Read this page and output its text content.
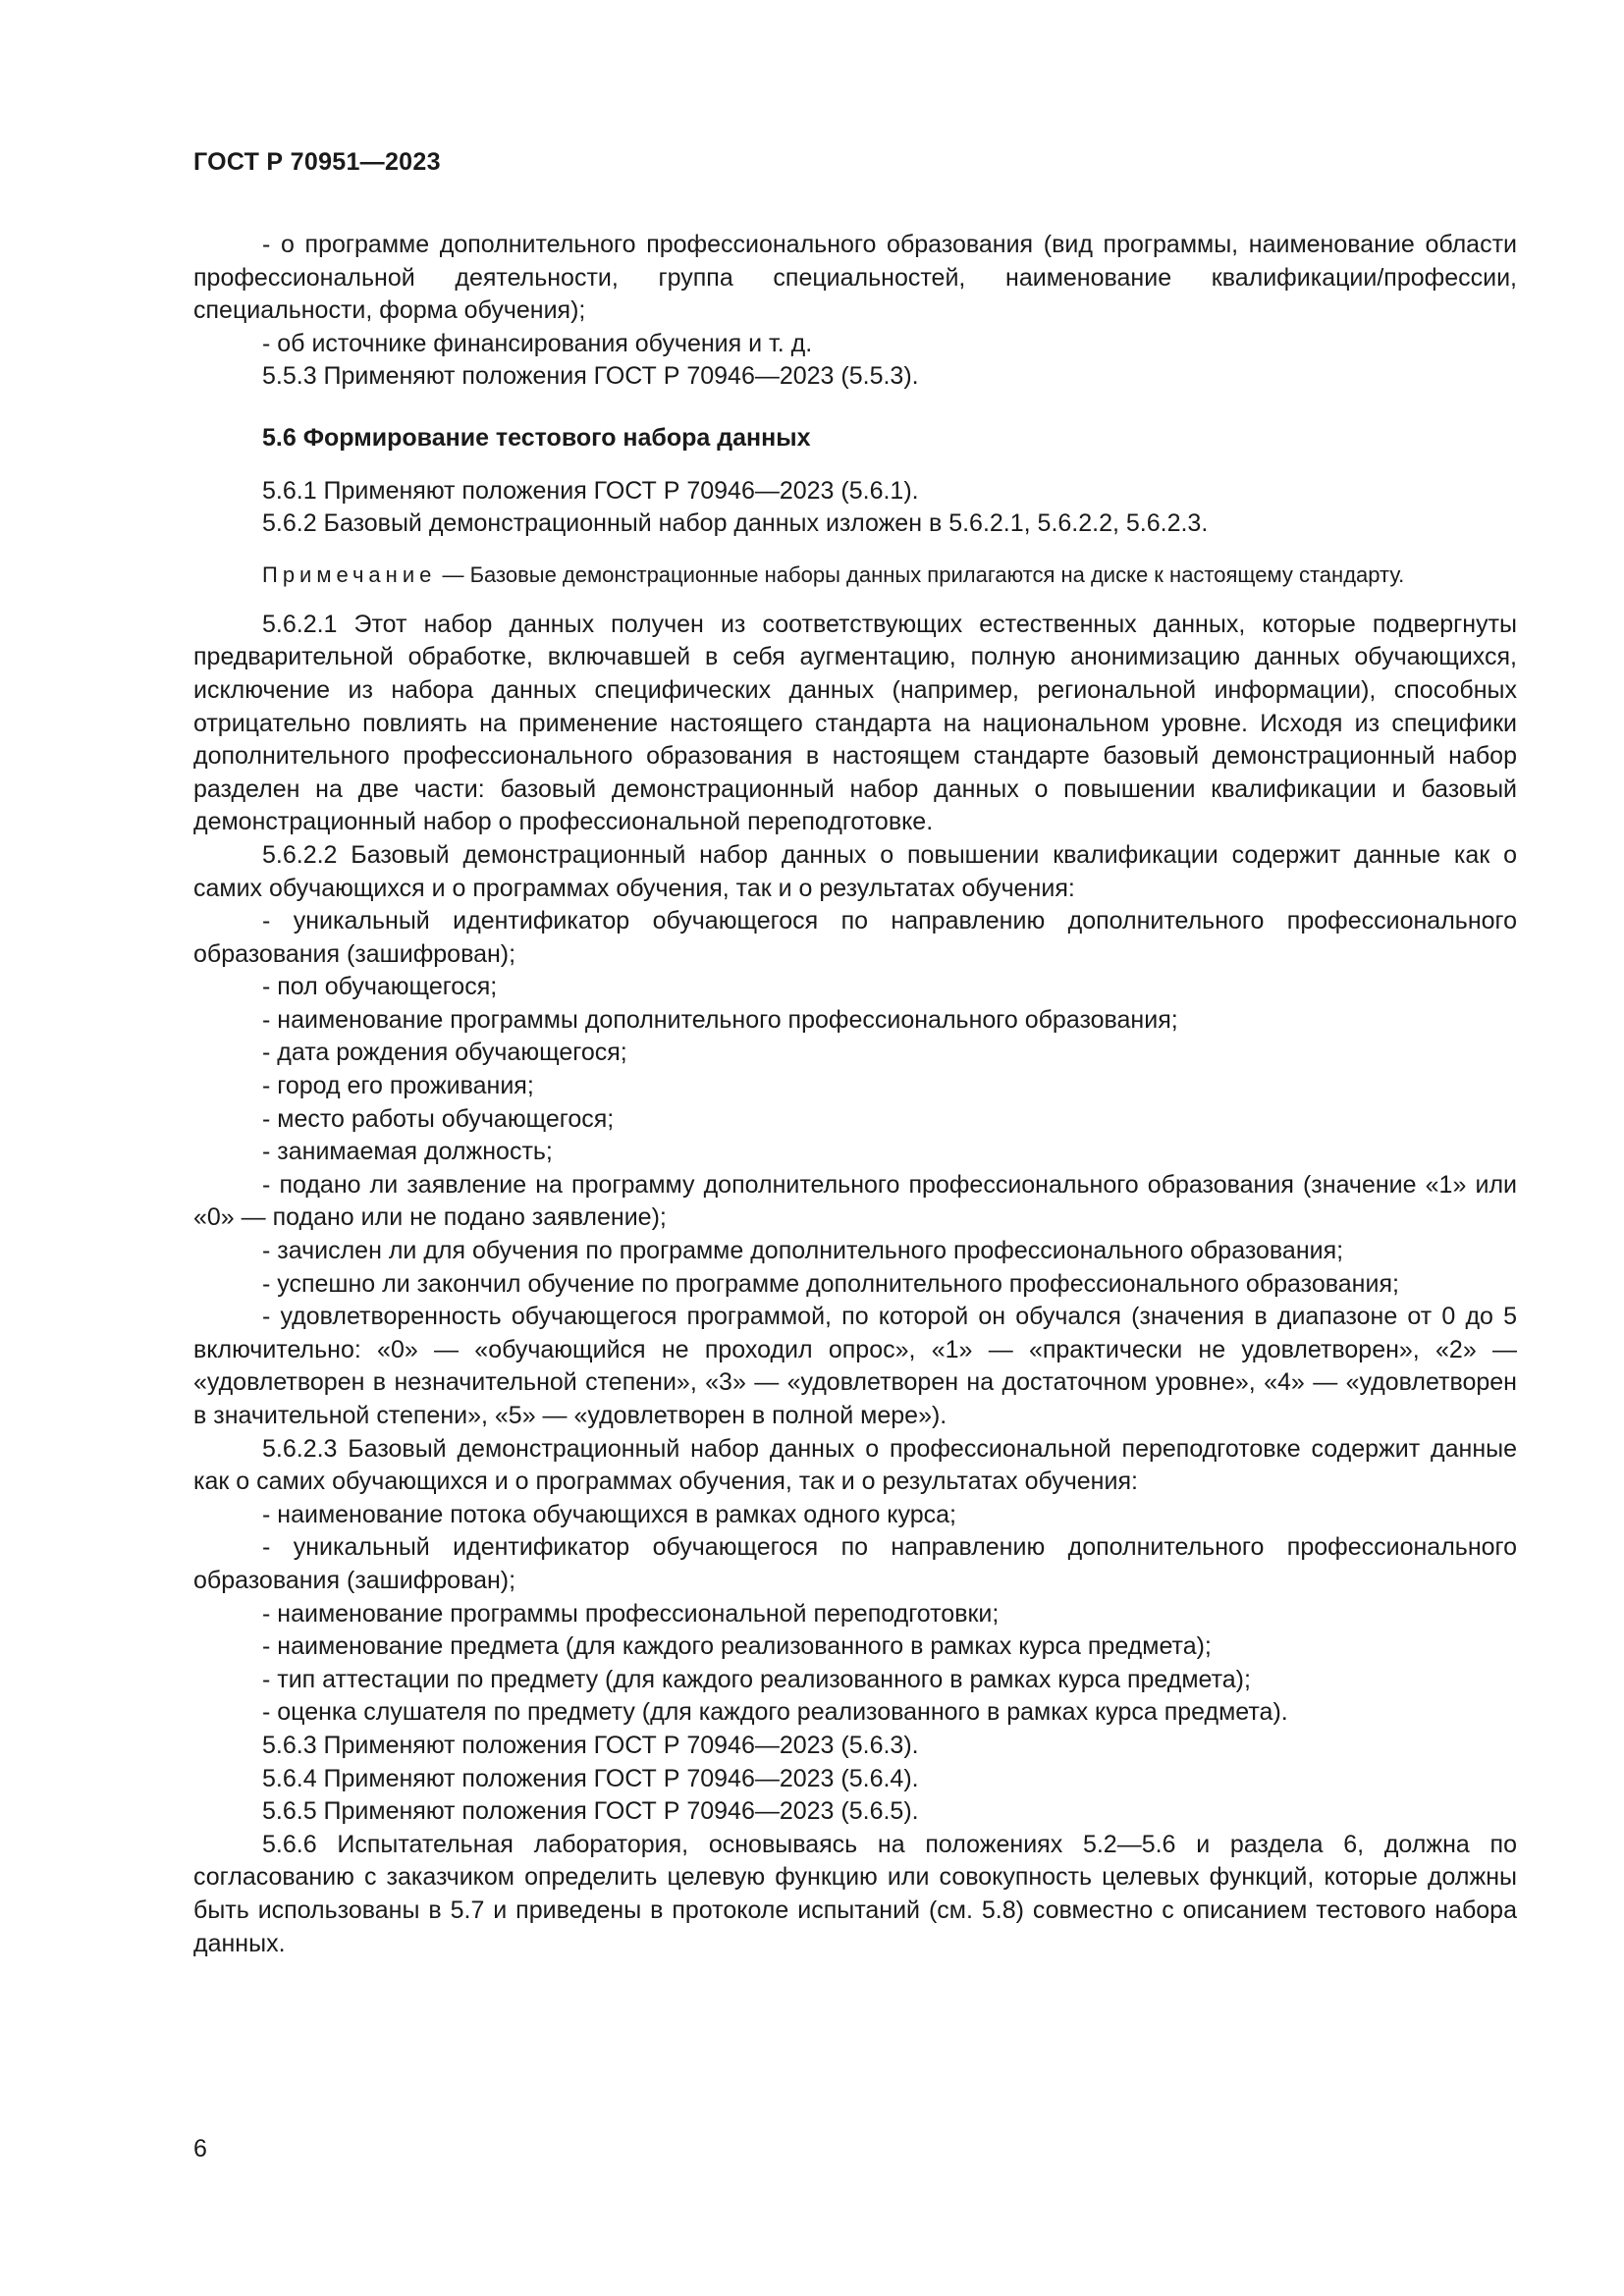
ГОСТ Р 70951—2023

- о программе дополнительного профессионального образования (вид программы, наименование области профессиональной деятельности, группа специальностей, наименование квалификации/профессии, специальности, форма обучения);

- об источнике финансирования обучения и т. д.

5.5.3 Применяют положения ГОСТ Р 70946—2023 (5.5.3).

5.6 Формирование тестового набора данных

5.6.1 Применяют положения ГОСТ Р 70946—2023 (5.6.1).

5.6.2 Базовый демонстрационный набор данных изложен в 5.6.2.1, 5.6.2.2, 5.6.2.3.

Примечание — Базовые демонстрационные наборы данных прилагаются на диске к настоящему стандарту.

5.6.2.1 Этот набор данных получен из соответствующих естественных данных, которые подвергнуты предварительной обработке, включавшей в себя аугментацию, полную анонимизацию данных обучающихся, исключение из набора данных специфических данных (например, региональной информации), способных отрицательно повлиять на применение настоящего стандарта на национальном уровне. Исходя из специфики дополнительного профессионального образования в настоящем стандарте базовый демонстрационный набор разделен на две части: базовый демонстрационный набор данных о повышении квалификации и базовый демонстрационный набор о профессиональной переподготовке.

5.6.2.2 Базовый демонстрационный набор данных о повышении квалификации содержит данные как о самих обучающихся и о программах обучения, так и о результатах обучения:

- уникальный идентификатор обучающегося по направлению дополнительного профессионального образования (зашифрован);

- пол обучающегося;

- наименование программы дополнительного профессионального образования;

- дата рождения обучающегося;

- город его проживания;

- место работы обучающегося;

- занимаемая должность;

- подано ли заявление на программу дополнительного профессионального образования (значение «1» или «0» — подано или не подано заявление);

- зачислен ли для обучения по программе дополнительного профессионального образования;

- успешно ли закончил обучение по программе дополнительного профессионального образования;

- удовлетворенность обучающегося программой, по которой он обучался (значения в диапазоне от 0 до 5 включительно: «0» — «обучающийся не проходил опрос», «1» — «практически не удовлетворен», «2» — «удовлетворен в незначительной степени», «3» — «удовлетворен на достаточном уровне», «4» — «удовлетворен в значительной степени», «5» — «удовлетворен в полной мере»).

5.6.2.3 Базовый демонстрационный набор данных о профессиональной переподготовке содержит данные как о самих обучающихся и о программах обучения, так и о результатах обучения:

- наименование потока обучающихся в рамках одного курса;

- уникальный идентификатор обучающегося по направлению дополнительного профессионального образования (зашифрован);

- наименование программы профессиональной переподготовки;

- наименование предмета (для каждого реализованного в рамках курса предмета);

- тип аттестации по предмету (для каждого реализованного в рамках курса предмета);

- оценка слушателя по предмету (для каждого реализованного в рамках курса предмета).

5.6.3 Применяют положения ГОСТ Р 70946—2023 (5.6.3).

5.6.4 Применяют положения ГОСТ Р 70946—2023 (5.6.4).

5.6.5 Применяют положения ГОСТ Р 70946—2023 (5.6.5).

5.6.6 Испытательная лаборатория, основываясь на положениях 5.2—5.6 и раздела 6, должна по согласованию с заказчиком определить целевую функцию или совокупность целевых функций, которые должны быть использованы в 5.7 и приведены в протоколе испытаний (см. 5.8) совместно с описанием тестового набора данных.

6
